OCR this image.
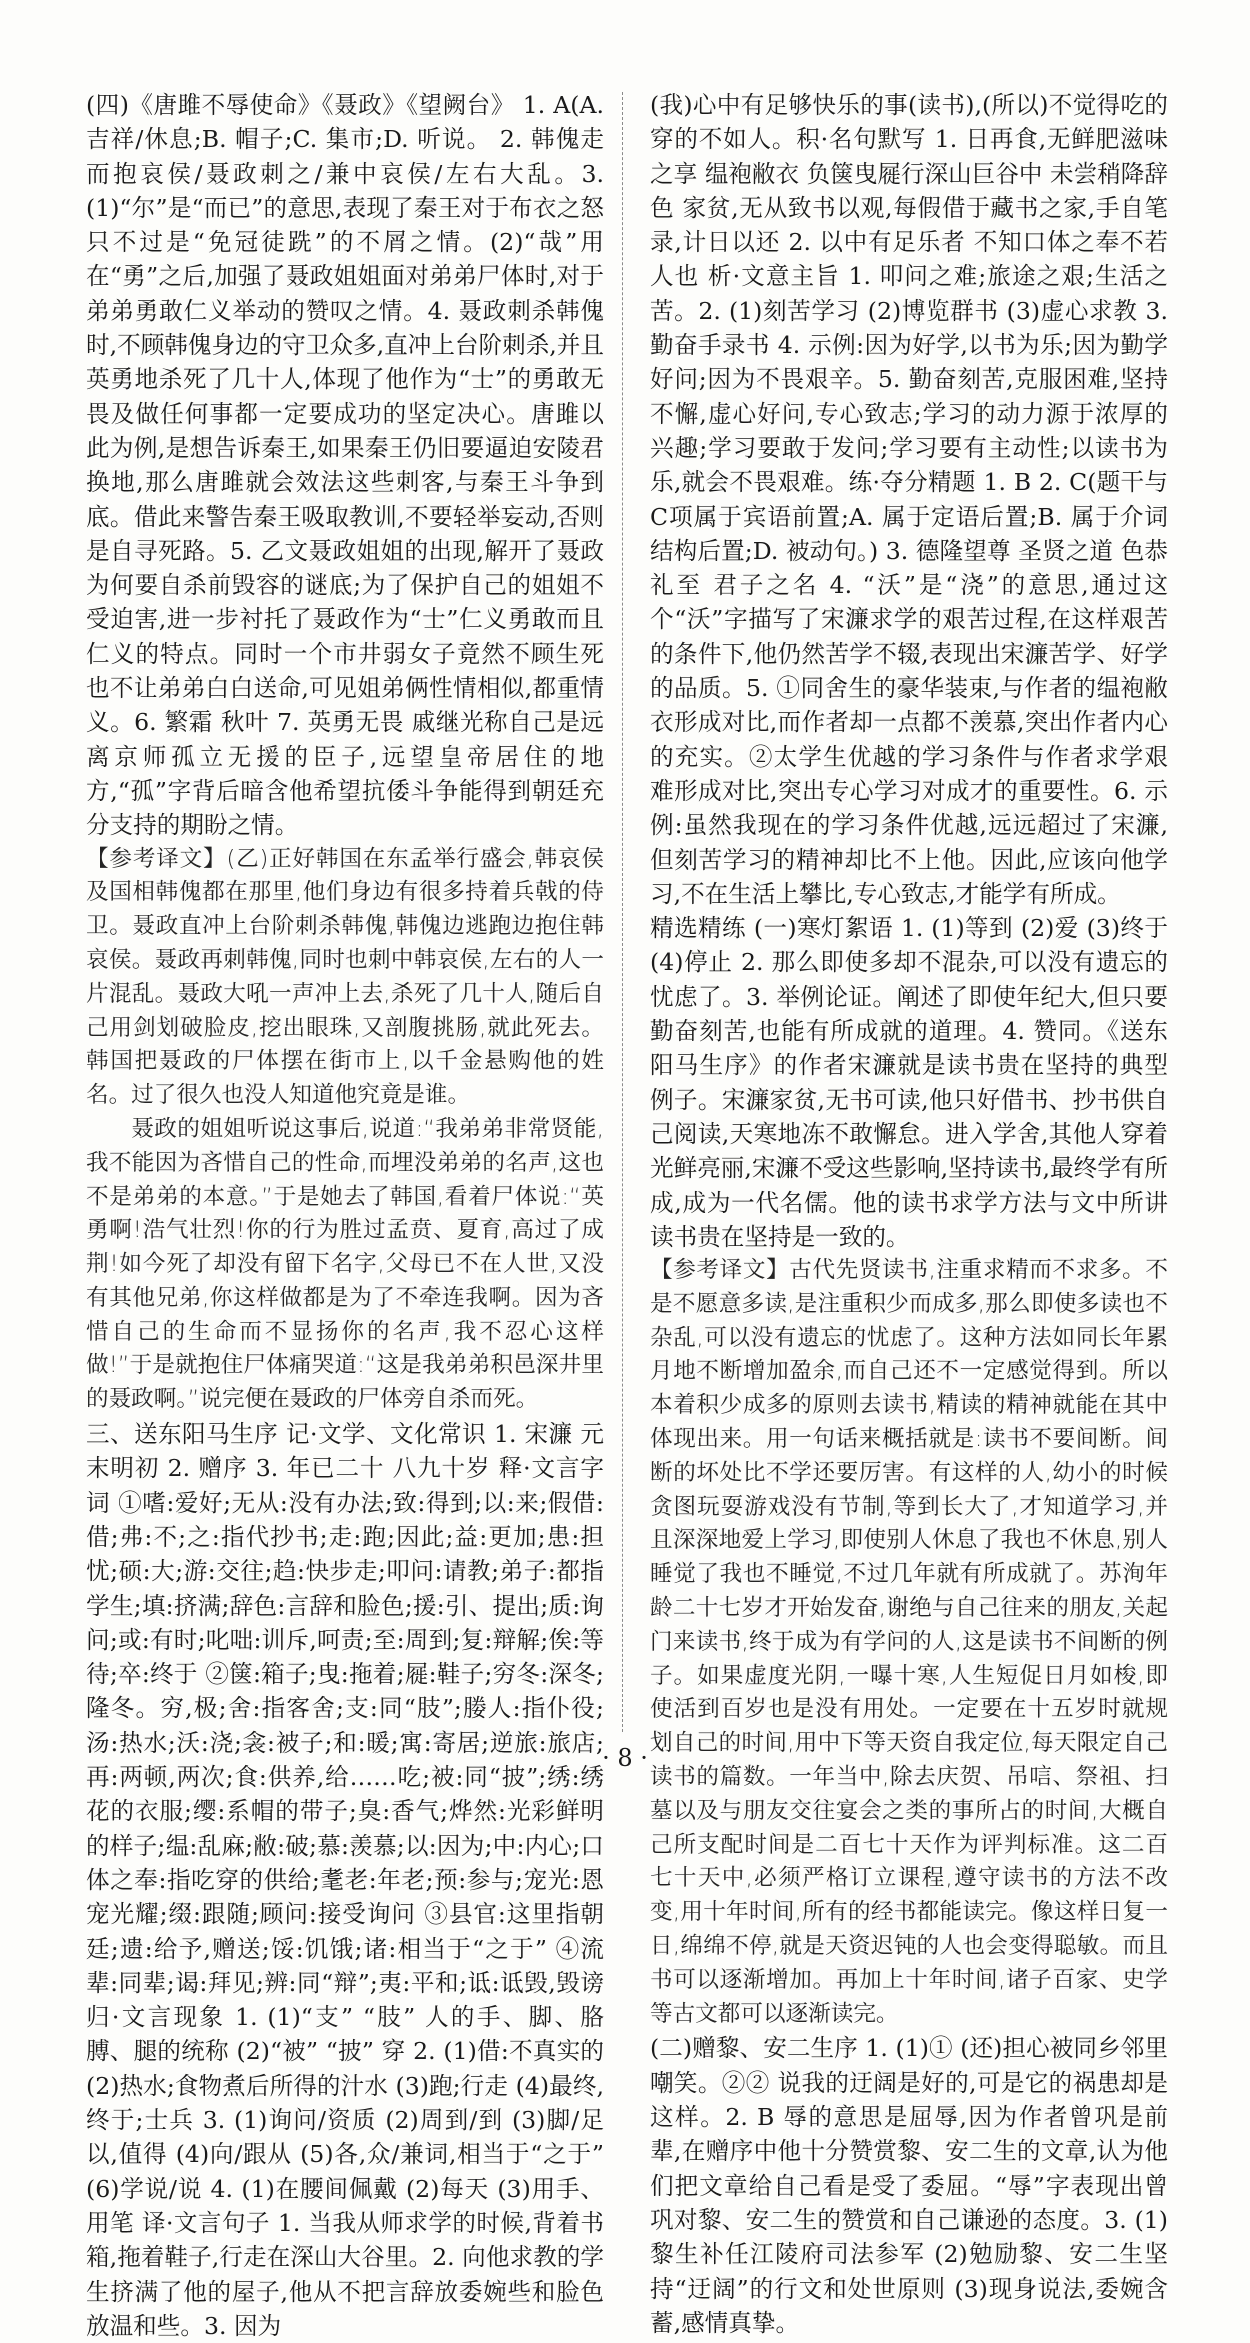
(四)《唐雎不辱使命》《聂政》《望阙台》 1. A(A. 吉祥/休息;B. 帽子;C. 集市;D. 听说。 2. 韩傀走而抱哀侯/聂政刺之/兼中哀侯/左右大乱。3. (1)“尔”是“而已”的意思,表现了秦王对于布衣之怒只不过是“免冠徒跣”的不屑之情。(2)“哉”用在“勇”之后,加强了聂政姐姐面对弟弟尸体时,对于弟弟勇敢仁义举动的赞叹之情。4. 聂政刺杀韩傀时,不顾韩傀身边的守卫众多,直冲上台阶刺杀,并且英勇地杀死了几十人,体现了他作为“士”的勇敢无畏及做任何事都一定要成功的坚定决心。唐雎以此为例,是想告诉秦王,如果秦王仍旧要逼迫安陵君换地,那么唐雎就会效法这些刺客,与秦王斗争到底。借此来警告秦王吸取教训,不要轻举妄动,否则是自寻死路。5. 乙文聂政姐姐的出现,解开了聂政为何要自杀前毁容的谜底;为了保护自己的姐姐不受迫害,进一步衬托了聂政作为“士”仁义勇敢而且仁义的特点。同时一个市井弱女子竟然不顾生死也不让弟弟白白送命,可见姐弟俩性情相似,都重情义。6. 繁霜 秋叶 7. 英勇无畏 戚继光称自己是远离京师孤立无援的臣子,远望皇帝居住的地方,“孤”字背后暗含他希望抗倭斗争能得到朝廷充分支持的期盼之情。

【参考译文】(乙)正好韩国在东孟举行盛会,韩哀侯及国相韩傀都在那里,他们身边有很多持着兵戟的侍卫。聂政直冲上台阶刺杀韩傀,韩傀边逃跑边抱住韩哀侯。聂政再刺韩傀,同时也刺中韩哀侯,左右的人一片混乱。聂政大吼一声冲上去,杀死了几十人,随后自己用剑划破脸皮,挖出眼珠,又剖腹挑肠,就此死去。韩国把聂政的尸体摆在街市上,以千金悬购他的姓名。过了很久也没人知道他究竟是谁。

聂政的姐姐听说这事后,说道:“我弟弟非常贤能,我不能因为吝惜自己的性命,而埋没弟弟的名声,这也不是弟弟的本意。”于是她去了韩国,看着尸体说:“英勇啊!浩气壮烈!你的行为胜过孟贲、夏育,高过了成荆!如今死了却没有留下名字,父母已不在人世,又没有其他兄弟,你这样做都是为了不牵连我啊。因为吝惜自己的生命而不显扬你的名声,我不忍心这样做!”于是就抱住尸体痛哭道:“这是我弟弟积邑深井里的聂政啊。”说完便在聂政的尸体旁自杀而死。

三、送东阳马生序 记·文学、文化常识 1. 宋濂 元末明初 2. 赠序 3. 年已二十 八九十岁 释·文言字词 ①嗜:爱好;无从:没有办法;致:得到;以:来;假借:借;弗:不;之:指代抄书;走:跑;因此;益:更加;患:担忧;硕:大;游:交往;趋:快步走;叩问:请教;弟子:都指学生;填:挤满;辞色:言辞和脸色;援:引、提出;质:询问;或:有时;叱咄:训斥,呵责;至:周到;复:辩解;俟:等待;卒:终于 ②箧:箱子;曳:拖着;屣:鞋子;穷冬:深冬;隆冬。穷,极;舍:指客舍;支:同“肢”;媵人:指仆役;汤:热水;沃:浇;衾:被子;和:暖;寓:寄居;逆旅:旅店;再:两顿,两次;食:供养,给……吃;被:同“披”;绣:绣花的衣服;缨:系帽的带子;臭:香气;烨然:光彩鲜明的样子;缊:乱麻;敝:破;慕:羡慕;以:因为;中:内心;口体之奉:指吃穿的供给;耄老:年老;预:参与;宠光:恩宠光耀;缀:跟随;顾问:接受询问 ③县官:这里指朝廷;遗:给予,赠送;馁:饥饿;诸:相当于“之于” ④流辈:同辈;谒:拜见;辨:同“辩”;夷:平和;诋:诋毁,毁谤 归·文言现象 1. (1)“支” “肢” 人的手、脚、胳膊、腿的统称 (2)“被” “披” 穿 2. (1)借:不真实的 (2)热水;食物煮后所得的汁水 (3)跑;行走 (4)最终,终于;士兵 3. (1)询问/资质 (2)周到/到 (3)脚/足以,值得 (4)向/跟从 (5)各,众/兼词,相当于“之于” (6)学说/说 4. (1)在腰间佩戴 (2)每天 (3)用手、用笔 译·文言句子 1. 当我从师求学的时候,背着书箱,拖着鞋子,行走在深山大谷里。2. 向他求教的学生挤满了他的屋子,他从不把言辞放委婉些和脸色放温和些。3. 因为

(我)心中有足够快乐的事(读书),(所以)不觉得吃的穿的不如人。积·名句默写 1. 日再食,无鲜肥滋味之享 缊袍敝衣 负箧曳屣行深山巨谷中 未尝稍降辞色 家贫,无从致书以观,每假借于藏书之家,手自笔录,计日以还 2. 以中有足乐者 不知口体之奉不若人也 析·文意主旨 1. 叩问之难;旅途之艰;生活之苦。2. (1)刻苦学习 (2)博览群书 (3)虚心求教 3. 勤奋手录书 4. 示例:因为好学,以书为乐;因为勤学好问;因为不畏艰辛。5. 勤奋刻苦,克服困难,坚持不懈,虚心好问,专心致志;学习的动力源于浓厚的兴趣;学习要敢于发问;学习要有主动性;以读书为乐,就会不畏艰难。练·夺分精题 1. B 2. C(题干与C项属于宾语前置;A. 属于定语后置;B. 属于介词结构后置;D. 被动句。) 3. 德隆望尊 圣贤之道 色恭礼至 君子之名 4. “沃”是“浇”的意思,通过这个“沃”字描写了宋濂求学的艰苦过程,在这样艰苦的条件下,他仍然苦学不辍,表现出宋濂苦学、好学的品质。5. ①同舍生的豪华装束,与作者的缊袍敝衣形成对比,而作者却一点都不羡慕,突出作者内心的充实。②太学生优越的学习条件与作者求学艰难形成对比,突出专心学习对成才的重要性。6. 示例:虽然我现在的学习条件优越,远远超过了宋濂,但刻苦学习的精神却比不上他。因此,应该向他学习,不在生活上攀比,专心致志,才能学有所成。

精选精练 (一)寒灯絮语 1. (1)等到 (2)爱 (3)终于 (4)停止 2. 那么即使多却不混杂,可以没有遗忘的忧虑了。3. 举例论证。阐述了即使年纪大,但只要勤奋刻苦,也能有所成就的道理。4. 赞同。《送东阳马生序》的作者宋濂就是读书贵在坚持的典型例子。宋濂家贫,无书可读,他只好借书、抄书供自己阅读,天寒地冻不敢懈怠。进入学舍,其他人穿着光鲜亮丽,宋濂不受这些影响,坚持读书,最终学有所成,成为一代名儒。他的读书求学方法与文中所讲读书贵在坚持是一致的。

【参考译文】古代先贤读书,注重求精而不求多。不是不愿意多读,是注重积少而成多,那么即使多读也不杂乱,可以没有遗忘的忧虑了。这种方法如同长年累月地不断增加盈余,而自己还不一定感觉得到。所以本着积少成多的原则去读书,精读的精神就能在其中体现出来。用一句话来概括就是:读书不要间断。间断的坏处比不学还要厉害。有这样的人,幼小的时候贪图玩耍游戏没有节制,等到长大了,才知道学习,并且深深地爱上学习,即使别人休息了我也不休息,别人睡觉了我也不睡觉,不过几年就有所成就了。苏洵年龄二十七岁才开始发奋,谢绝与自己往来的朋友,关起门来读书,终于成为有学问的人,这是读书不间断的例子。如果虚度光阴,一曝十寒,人生短促日月如梭,即使活到百岁也是没有用处。一定要在十五岁时就规划自己的时间,用中下等天资自我定位,每天限定自己读书的篇数。一年当中,除去庆贺、吊唁、祭祖、扫墓以及与朋友交往宴会之类的事所占的时间,大概自己所支配时间是二百七十天作为评判标准。这二百七十天中,必须严格订立课程,遵守读书的方法不改变,用十年时间,所有的经书都能读完。像这样日复一日,绵绵不停,就是天资迟钝的人也会变得聪敏。而且书可以逐渐增加。再加上十年时间,诸子百家、史学等古文都可以逐渐读完。

(二)赠黎、安二生序 1. (1)① (还)担心被同乡邻里嘲笑。②② 说我的迂阔是好的,可是它的祸患却是这样。2. B 辱的意思是屈辱,因为作者曾巩是前辈,在赠序中他十分赞赏黎、安二生的文章,认为他们把文章给自己看是受了委屈。“辱”字表现出曾巩对黎、安二生的赞赏和自己谦逊的态度。3. (1)黎生补任江陵府司法参军 (2)勉励黎、安二生坚持“迂阔”的行文和处世原则 (3)现身说法,委婉含蓄,感情真挚。

· 8 ·
